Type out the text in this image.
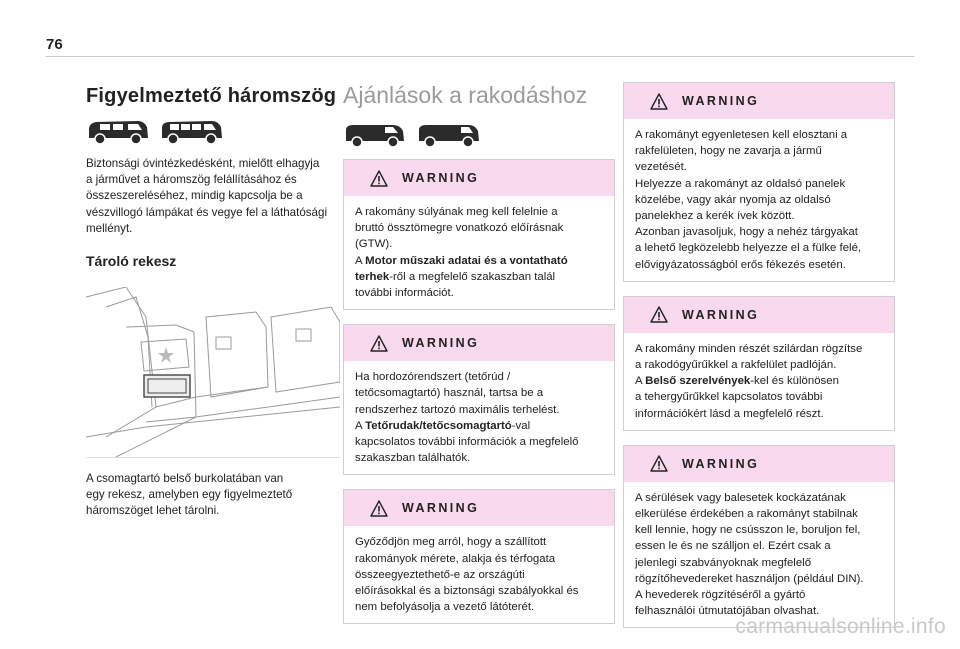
76
Figyelmeztető háromszög
Biztonsági óvintézkedésként, mielőtt elhagyja
a járművet a háromszög felállításához és
összeszereléséhez, mindig kapcsolja be a
vészvillogó lámpákat és vegye fel a láthatósági
mellényt.
Tároló rekesz
A csomagtartó belső burkolatában van
egy rekesz, amelyben egy figyelmeztető
háromszöget lehet tárolni.
Ajánlások a rakodáshoz
WARNING
A rakomány súlyának meg kell felelnie a
bruttó össztömegre vonatkozó előírásnak
(GTW).
A Motor műszaki adatai és a vontatható
terhek-ről a megfelelő szakaszban talál
további információt.
WARNING
Ha hordozórendszert (tetőrúd /
tetőcsomagtartó) használ, tartsa be a
rendszerhez tartozó maximális terhelést.
A Tetőrudak/tetőcsomagtartó-val
kapcsolatos további információk a megfelelő
szakaszban találhatók.
WARNING
Győződjön meg arról, hogy a szállított
rakományok mérete, alakja és térfogata
összeegyeztethető-e az országúti
előírásokkal és a biztonsági szabályokkal és
nem befolyásolja a vezető látóterét.
WARNING
A rakományt egyenletesen kell elosztani a
rakfelületen, hogy ne zavarja a jármű
vezetését.
Helyezze a rakományt az oldalsó panelek
közelébe, vagy akár nyomja az oldalsó
panelekhez a kerék ívek között.
Azonban javasoljuk, hogy a nehéz tárgyakat
a lehető legközelebb helyezze el a fülke felé,
elővigyázatosságból erős fékezés esetén.
WARNING
A rakomány minden részét szilárdan rögzítse
a rakodógyűrűkkel a rakfelület padlóján.
A Belső szerelvények-kel és különösen
a tehergyűrűkkel kapcsolatos további
információkért lásd a megfelelő részt.
WARNING
A sérülések vagy balesetek kockázatának
elkerülése érdekében a rakományt stabilnak
kell lennie, hogy ne csússzon le, boruljon fel,
essen le és ne szálljon el. Ezért csak a
jelenlegi szabványoknak megfelelő
rögzítőhevedereket használjon (például DIN).
A hevederek rögzítéséről a gyártó
felhasználói útmutatójában olvashat.
carmanualsonline.info
